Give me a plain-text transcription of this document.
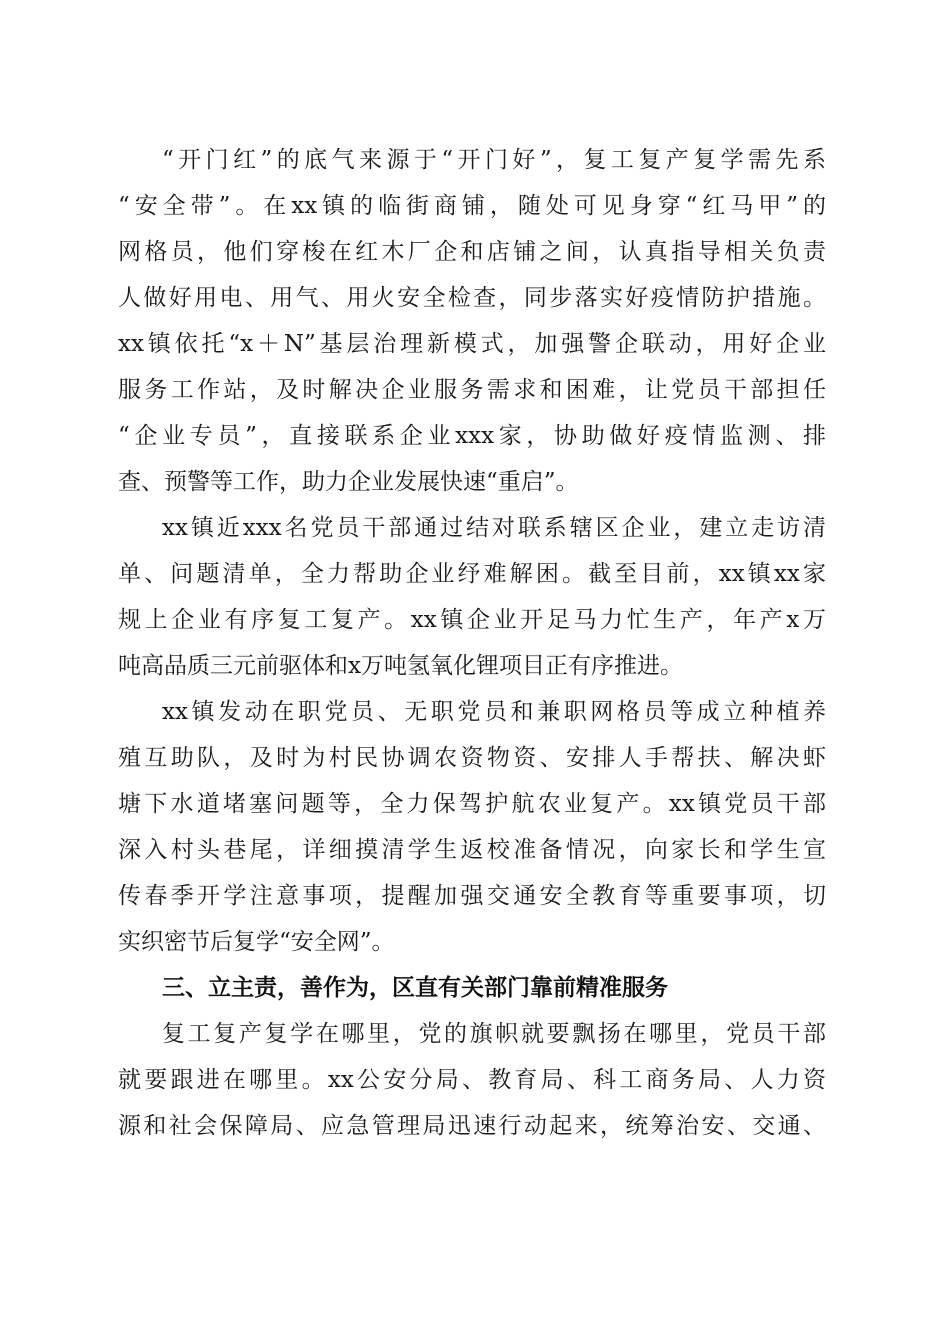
“开门红”的底气来源于“开门好”，复工复产复学需先系
“安全带”。在xx镇的临街商铺，随处可见身穿“红马甲”的
网格员，他们穿梭在红木厂企和店铺之间，认真指导相关负责
人做好用电、用气、用火安全检查，同步落实好疫情防护措施。
xx镇依托“x＋N”基层治理新模式，加强警企联动，用好企业
服务工作站，及时解决企业服务需求和困难，让党员干部担任
“企业专员”，直接联系企业xxx家，协助做好疫情监测、排
查、预警等工作，助力企业发展快速“重启”。
xx镇近xxx名党员干部通过结对联系辖区企业，建立走访清
单、问题清单，全力帮助企业纾难解困。截至目前，xx镇xx家
规上企业有序复工复产。xx镇企业开足马力忙生产，年产x万
吨高品质三元前驱体和x万吨氢氧化锂项目正有序推进。
xx镇发动在职党员、无职党员和兼职网格员等成立种植养
殖互助队，及时为村民协调农资物资、安排人手帮扶、解决虾
塘下水道堵塞问题等，全力保驾护航农业复产。xx镇党员干部
深入村头巷尾，详细摸清学生返校准备情况，向家长和学生宣
传春季开学注意事项，提醒加强交通安全教育等重要事项，切
实织密节后复学“安全网”。
三、立主责，善作为，区直有关部门靠前精准服务
复工复产复学在哪里，党的旗帜就要飘扬在哪里，党员干部
就要跟进在哪里。xx公安分局、教育局、科工商务局、人力资
源和社会保障局、应急管理局迅速行动起来，统筹治安、交通、
